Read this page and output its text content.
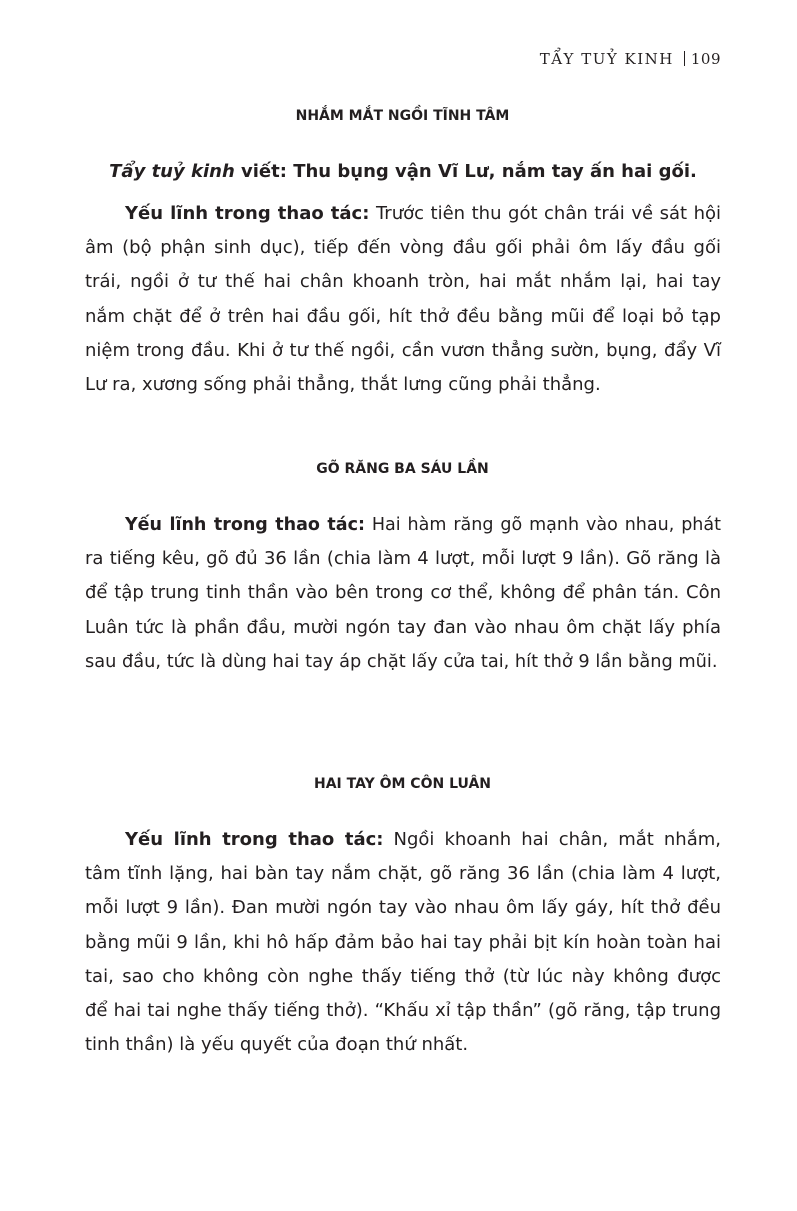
TẨY TUỶ KINH 109
NHẮM MẮT NGỒI TĨNH TÂM
Tẩy tuỷ kinh viết: Thu bụng vận Vĩ Lư, nắm tay ấn hai gối.
Yếu lĩnh trong thao tác: Trước tiên thu gót chân trái về sát hội
âm (bộ phận sinh dục), tiếp đến vòng đầu gối phải ôm lấy đầu gối
trái, ngồi ở tư thế hai chân khoanh tròn, hai mắt nhắm lại, hai tay
nắm chặt để ở trên hai đầu gối, hít thở đều bằng mũi để loại bỏ tạp
niệm trong đầu. Khi ở tư thế ngồi, cần vươn thẳng sườn, bụng, đẩy Vĩ
Lư ra, xương sống phải thẳng, thắt lưng cũng phải thẳng.
GÕ RĂNG BA SÁU LẦN
Yếu lĩnh trong thao tác: Hai hàm răng gõ mạnh vào nhau, phát
ra tiếng kêu, gõ đủ 36 lần (chia làm 4 lượt, mỗi lượt 9 lần). Gõ răng là
để tập trung tinh thần vào bên trong cơ thể, không để phân tán. Côn
Luân tức là phần đầu, mười ngón tay đan vào nhau ôm chặt lấy phía
sau đầu, tức là dùng hai tay áp chặt lấy cửa tai, hít thở 9 lần bằng mũi.
HAI TAY ÔM CÔN LUÂN
Yếu lĩnh trong thao tác: Ngồi khoanh hai chân, mắt nhắm,
tâm tĩnh lặng, hai bàn tay nắm chặt, gõ răng 36 lần (chia làm 4 lượt,
mỗi lượt 9 lần). Đan mười ngón tay vào nhau ôm lấy gáy, hít thở đều
bằng mũi 9 lần, khi hô hấp đảm bảo hai tay phải bịt kín hoàn toàn hai
tai, sao cho không còn nghe thấy tiếng thở (từ lúc này không được
để hai tai nghe thấy tiếng thở). “Khấu xỉ tập thần” (gõ răng, tập trung
tinh thần) là yếu quyết của đoạn thứ nhất.
